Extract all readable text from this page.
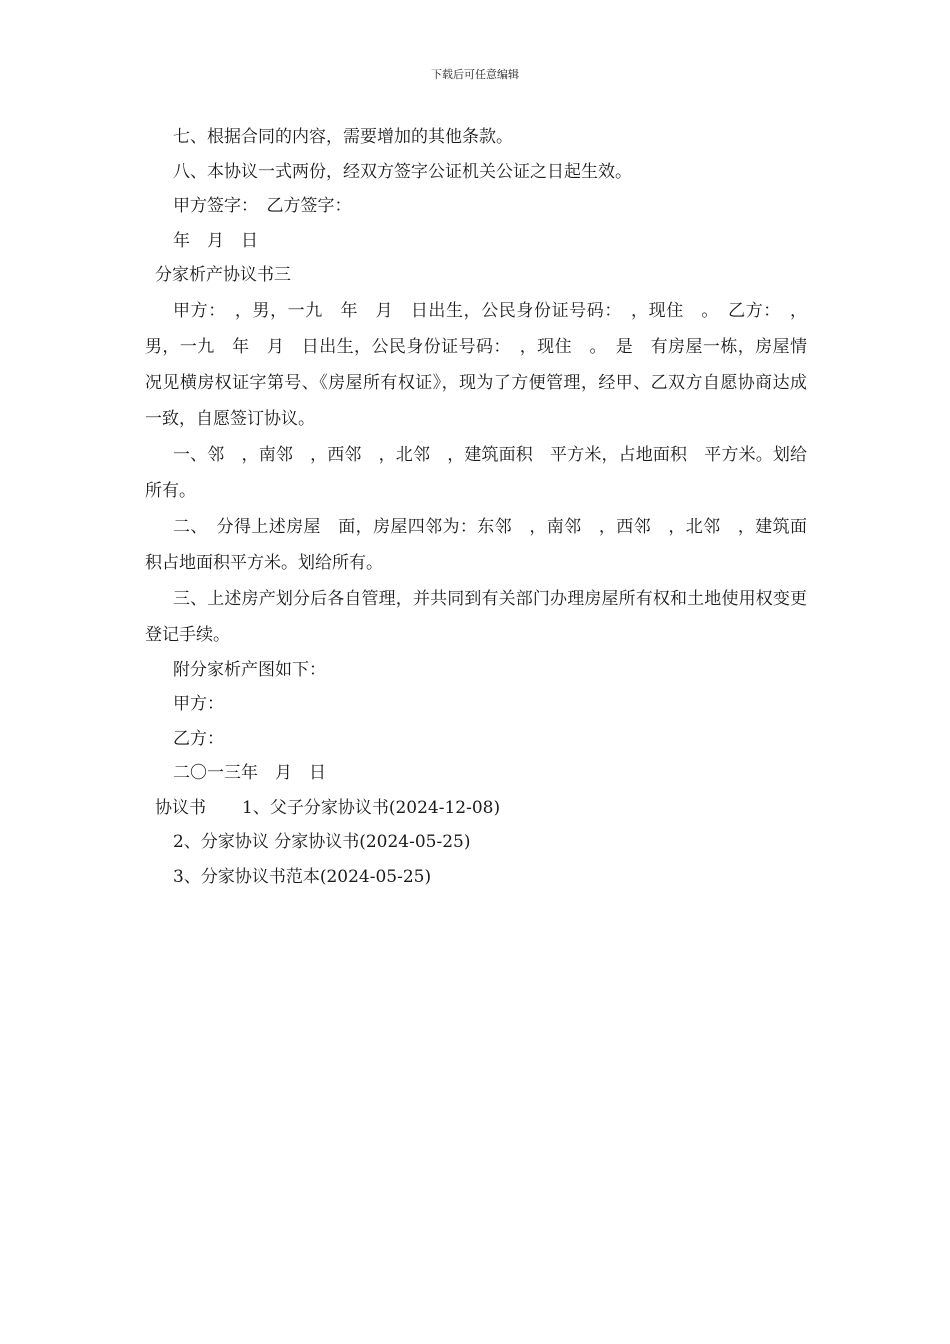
下载后可任意编辑
七、根据合同的内容，需要增加的其他条款。
八、本协议一式两份，经双方签字公证机关公证之日起生效。
甲方签字：　乙方签字：
年　月　日
分家析产协议书三
甲方：　，男，一九　年　月　日出生，公民身份证号码：　，现住　。　乙方：　，男，一九　年　月　日出生，公民身份证号码：　，现住　。　是　有房屋一栋，房屋情况见横房权证字第号、《房屋所有权证》，现为了方便管理，经甲、乙双方自愿协商达成一致，自愿签订协议。
一、邻　，南邻　，西邻　，北邻　，建筑面积　平方米，占地面积　平方米。划给　所有。
二、　分得上述房屋　面，房屋四邻为：东邻　，南邻　，西邻　，北邻　，建筑面积占地面积平方米。划给所有。
三、上述房产划分后各自管理，并共同到有关部门办理房屋所有权和土地使用权变更登记手续。
附分家析产图如下：
甲方：
乙方：
二〇一三年　月　日
协议书 1、父子分家协议书(2024-12-08)
2、分家协议 分家协议书(2024-05-25)
3、分家协议书范本(2024-05-25)
